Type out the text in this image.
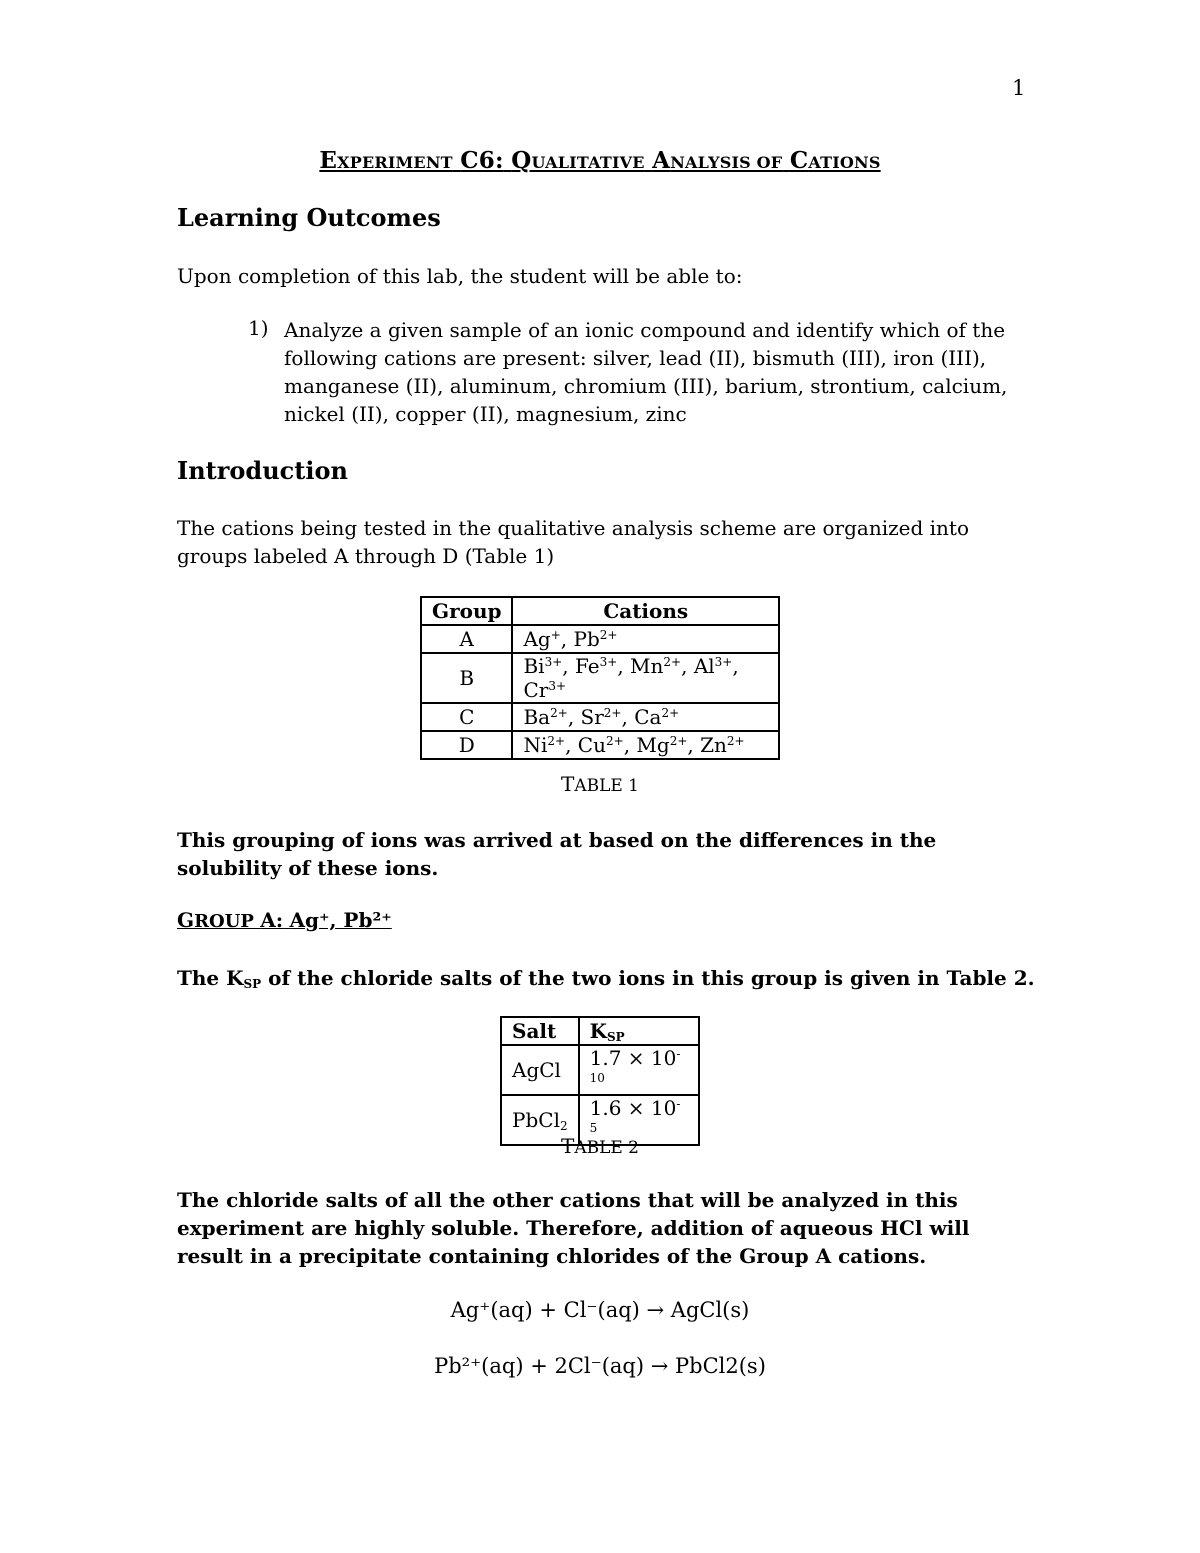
1
EXPERIMENT C6: QUALITATIVE ANALYSIS OF CATIONS
Learning Outcomes
Upon completion of this lab, the student will be able to:
1) Analyze a given sample of an ionic compound and identify which of the following cations are present: silver, lead (II), bismuth (III), iron (III), manganese (II), aluminum, chromium (III), barium, strontium, calcium, nickel (II), copper (II), magnesium, zinc
Introduction
The cations being tested in the qualitative analysis scheme are organized into groups labeled A through D (Table 1)
Group	Cations
A	Ag+, $Pb^{2+}$
B	$Bi^{3+}$, $Fe^{3+}$, $Mn^{2+}$, $Al^{3+}$, $Cr^{3+}$
C	$Ba^{2+}$, $Sr^{2+}$, $Ca^{2+}$
D	$Ni^{2+}$, $Cu^{2+}$, $Mg^{2+}$, $Zn^{2+}$
TABLE 1
This grouping of ions was arrived at based on the differences in the solubility of these ions.
GROUP A: Ag⁺, Pb²⁺
The $K_{SP}$ of the chloride salts of the two ions in this group is given in Table 2.
Salt	$K_{SP}$
AgCl	$1.7 \times 10^{-10}$
PbCl$_2$	$1.6 \times 10^{-5}$
TABLE 2
The chloride salts of all the other cations that will be analyzed in this experiment are highly soluble. Therefore, addition of aqueous HCl will result in a precipitate containing chlorides of the Group A cations.
Ag⁺(aq) + Cl⁻(aq) → AgCl(s)
Pb²⁺(aq) + 2Cl⁻(aq) → PbCl2(s)
